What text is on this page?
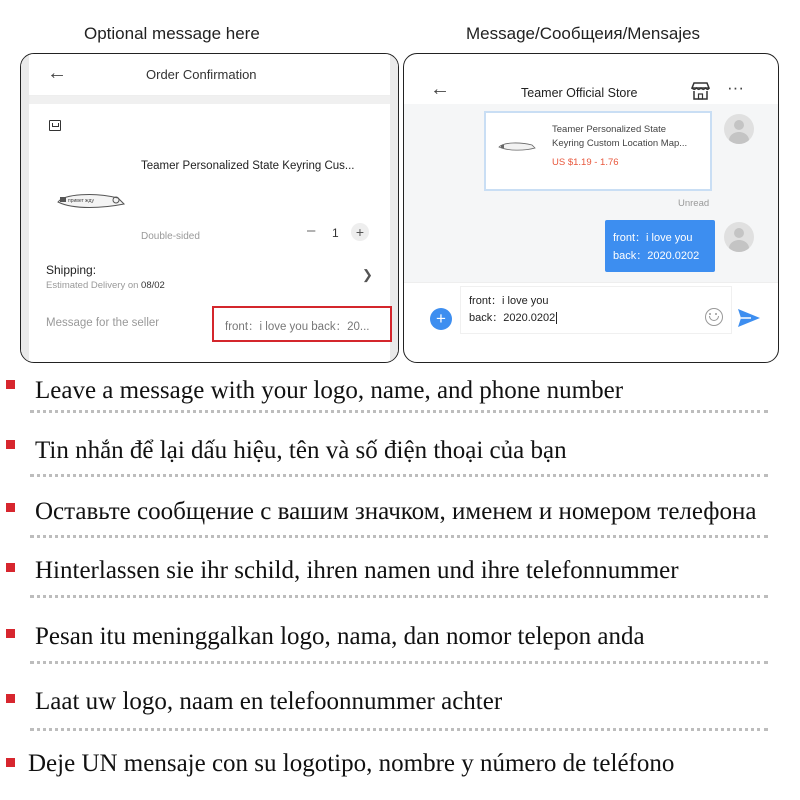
Optional message here	Message/Сообщеия/Mensajes
←	Order Confirmation
Teamer Personalized State Keyring Cus...
привет жду
Double-sided	– 1	+
Shipping:
Estimated Delivery on 08/02
❯
Message for the seller	front：i love you back：20...
←	Teamer Official Store	···
Teamer Personalized State
Keyring Custom Location Map...
US $1.19 - 1.76
Unread
front：i love you
back：2020.0202
+
front：i love you
back：2020.0202
Leave a message with your logo, name, and phone number
Tin nhắn để lại dấu hiệu, tên và số điện thoại của bạn
Оставьте сообщение с вашим значком, именем и номером телефона
Hinterlassen sie ihr schild, ihren namen und ihre telefonnummer
Pesan itu meninggalkan logo, nama, dan nomor telepon anda
Laat uw logo, naam en telefoonnummer achter
Deje UN mensaje con su logotipo, nombre y número de teléfono
